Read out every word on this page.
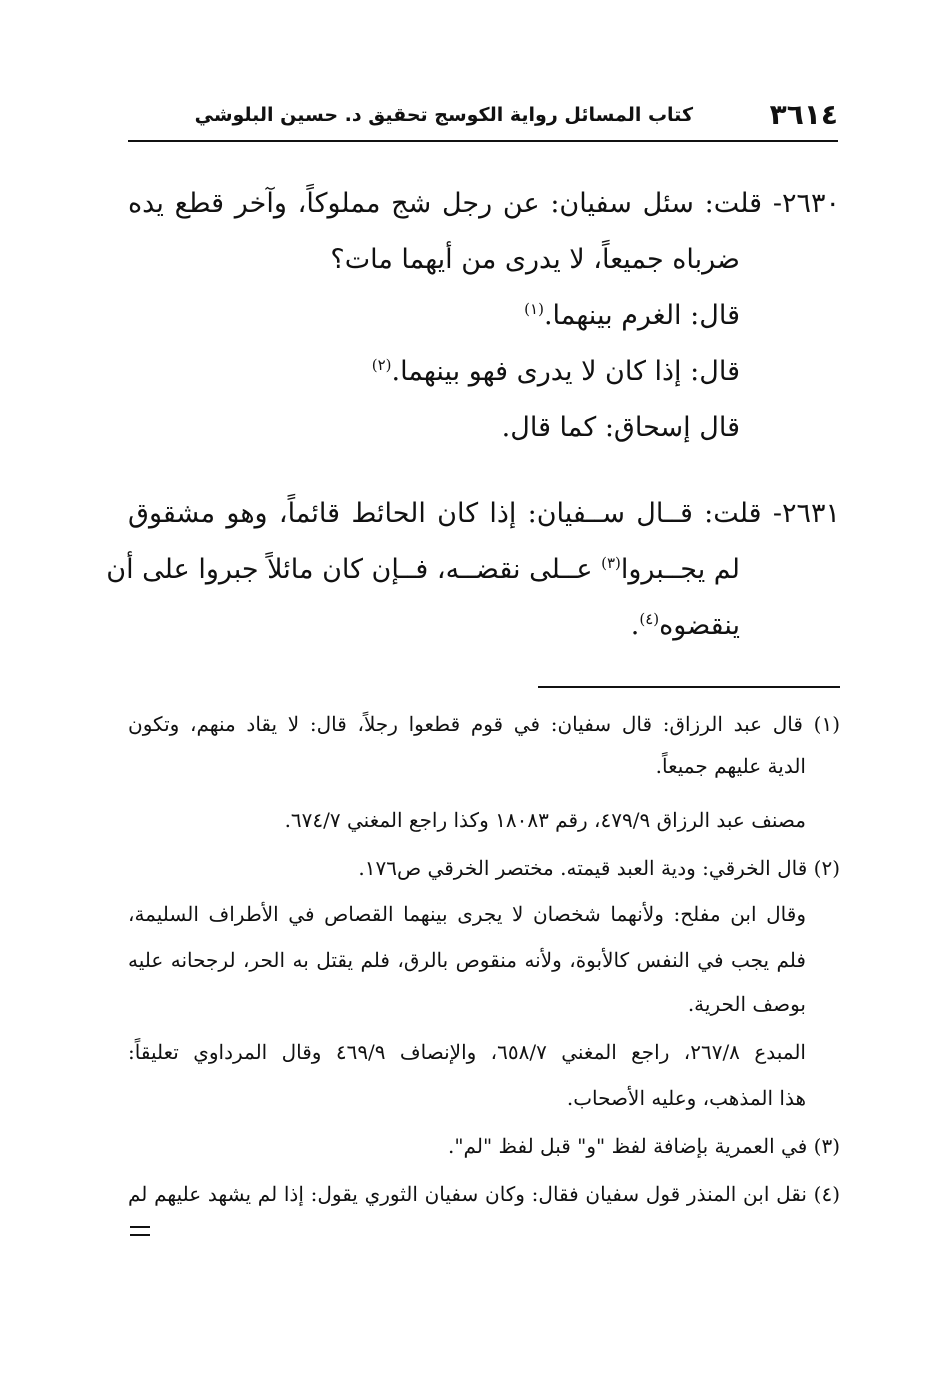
٣٦١٤
كتاب المسائل رواية الكوسج تحقيق د. حسين البلوشي
٢٦٣٠- قلت: سئل سفيان: عن رجل شج مملوكاً، وآخر قطع يده
ضرباه جميعاً، لا يدرى من أيهما مات؟
قال: الغرم بينهما.$^{(١)}$
قال: إذا كان لا يدرى فهو بينهما.$^{(٢)}$
قال إسحاق: كما قال.
٢٦٣١- قلت: قــال ســفيان: إذا كان الحائط قائماً، وهو مشقوق
لم يجــبروا$^{(٣)}$ عــلى نقضــه، فــإن كان مائلاً جبروا على أن
ينقضوه$^{(٤)}$.
(١) قال عبد الرزاق: قال سفيان: في قوم قطعوا رجلاً، قال: لا يقاد منهم، وتكون
الدية عليهم جميعاً.
مصنف عبد الرزاق ٤٧٩/٩، رقم ١٨٠٨٣ وكذا راجع المغني ٦٧٤/٧.
(٢) قال الخرقي: ودية العبد قيمته. مختصر الخرقي ص١٧٦.
وقال ابن مفلح: ولأنهما شخصان لا يجرى بينهما القصاص في الأطراف السليمة،
فلم يجب في النفس كالأبوة، ولأنه منقوص بالرق، فلم يقتل به الحر، لرجحانه عليه
بوصف الحرية.
المبدع ٢٦٧/٨، راجع المغني ٦٥٨/٧، والإنصاف ٤٦٩/٩ وقال المرداوي تعليقاً:
هذا المذهب، وعليه الأصحاب.
(٣) في العمرية بإضافة لفظ "و" قبل لفظ "لم".
(٤) نقل ابن المنذر قول سفيان فقال: وكان سفيان الثوري يقول: إذا لم يشهد عليهم لم
